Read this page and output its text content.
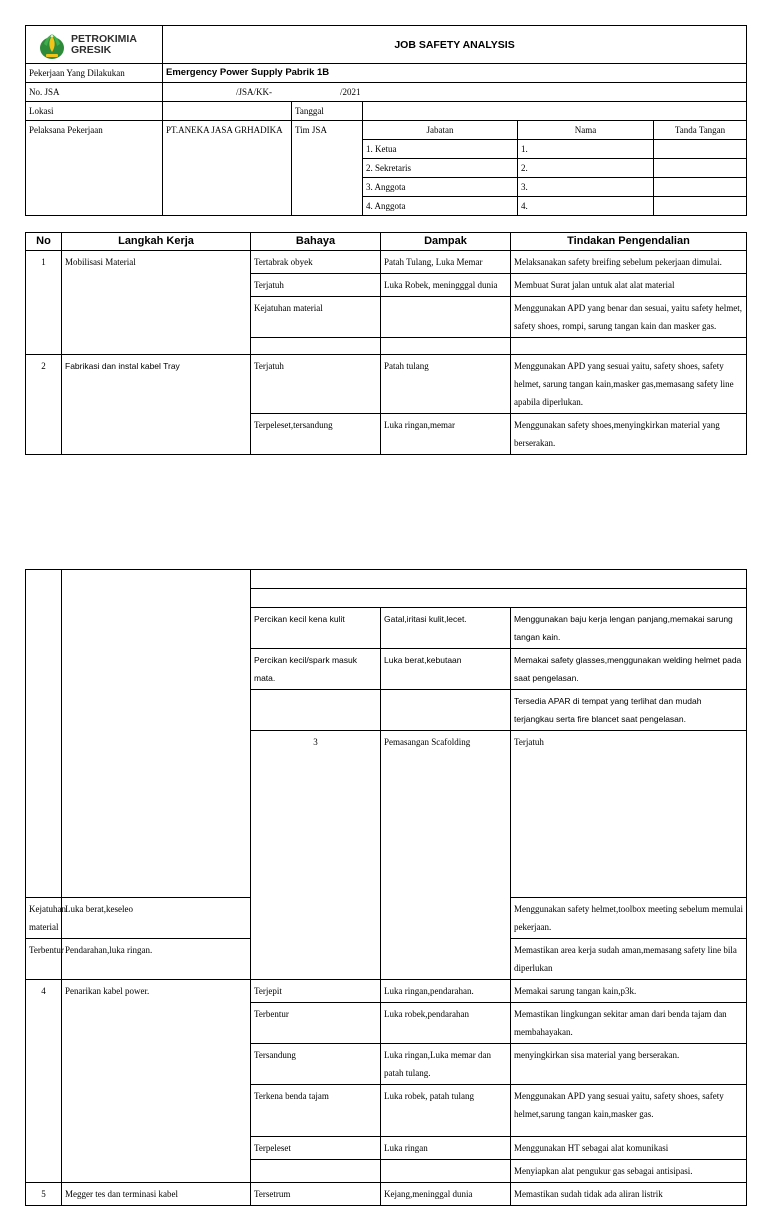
PETROKIMIA
GRESIK	JOB SAFETY ANALYSIS				
Pekerjaan Yang Dilakukan	Emergency Power Supply Pabrik 1B				
No. JSA	/JSA/KK- /2021				
Lokasi		Tanggal			
Pelaksana Pekerjaan	PT.ANEKA JASA GRHADIKA	Tim JSA	Jabatan	Nama	Tanda Tangan
			1. Ketua	1.	
			2. Sekretaris	2.	
			3. Anggota	3.	
			4. Anggota	4.	
No	Langkah Kerja	Bahaya	Dampak	Tindakan Pengendalian
1	Mobilisasi Material	Tertabrak obyek	Patah Tulang, Luka Memar	Melaksanakan safety breifing sebelum pekerjaan dimulai.
		Terjatuh	Luka Robek, meningggal dunia	Membuat Surat jalan untuk alat alat material
		Kejatuhan material		Menggunakan APD yang benar dan sesuai, yaitu safety helmet, safety shoes, rompi, sarung tangan kain dan masker gas.

2	Fabrikasi dan instal kabel Tray	Terjatuh	Patah tulang	Menggunakan APD yang sesuai yaitu, safety shoes, safety helmet, sarung tangan kain,masker gas,memasang safety line apabila diperlukan.
		Terpeleset,tersandung	Luka ringan,memar	Menggunakan safety shoes,menyingkirkan material yang berserakan.

		Percikan kecil kena kulit	Gatal,iritasi kulit,lecet.	Menggunakan baju kerja lengan panjang,memakai sarung tangan kain.	
		Percikan kecil/spark masuk mata.	Luka berat,kebutaan	Memakai safety glasses,menggunakan welding helmet pada saat pengelasan.	
				Tersedia APAR di tempat yang terlihat dan mudah terjangkau serta fire blancet saat pengelasan.	
		3	Pemasangan Scafolding	Terjatuh		
Kejatuhan material	Luka berat,keseleo			Menggunakan safety helmet,toolbox meeting sebelum memulai pekerjaan.	
Terbentur	Pendarahan,luka ringan.			Memastikan area kerja sudah aman,memasang safety line bila diperlukan	
4	Penarikan kabel power.	Terjepit	Luka ringan,pendarahan.	Memakai sarung tangan kain,p3k.	
		Terbentur	Luka robek,pendarahan	Memastikan lingkungan sekitar aman dari benda tajam dan membahayakan.	
		Tersandung	Luka ringan,Luka memar dan patah tulang.	menyingkirkan sisa material yang berserakan.	
		Terkena benda tajam	Luka robek, patah tulang	Menggunakan APD yang sesuai yaitu, safety shoes, safety helmet,sarung tangan kain,masker gas.	
		Terpeleset	Luka ringan	Menggunakan HT sebagai alat komunikasi	
				Menyiapkan alat pengukur gas sebagai antisipasi.	
5	Megger tes dan terminasi kabel	Tersetrum	Kejang,meninggal dunia	Memastikan sudah tidak ada aliran listrik	
